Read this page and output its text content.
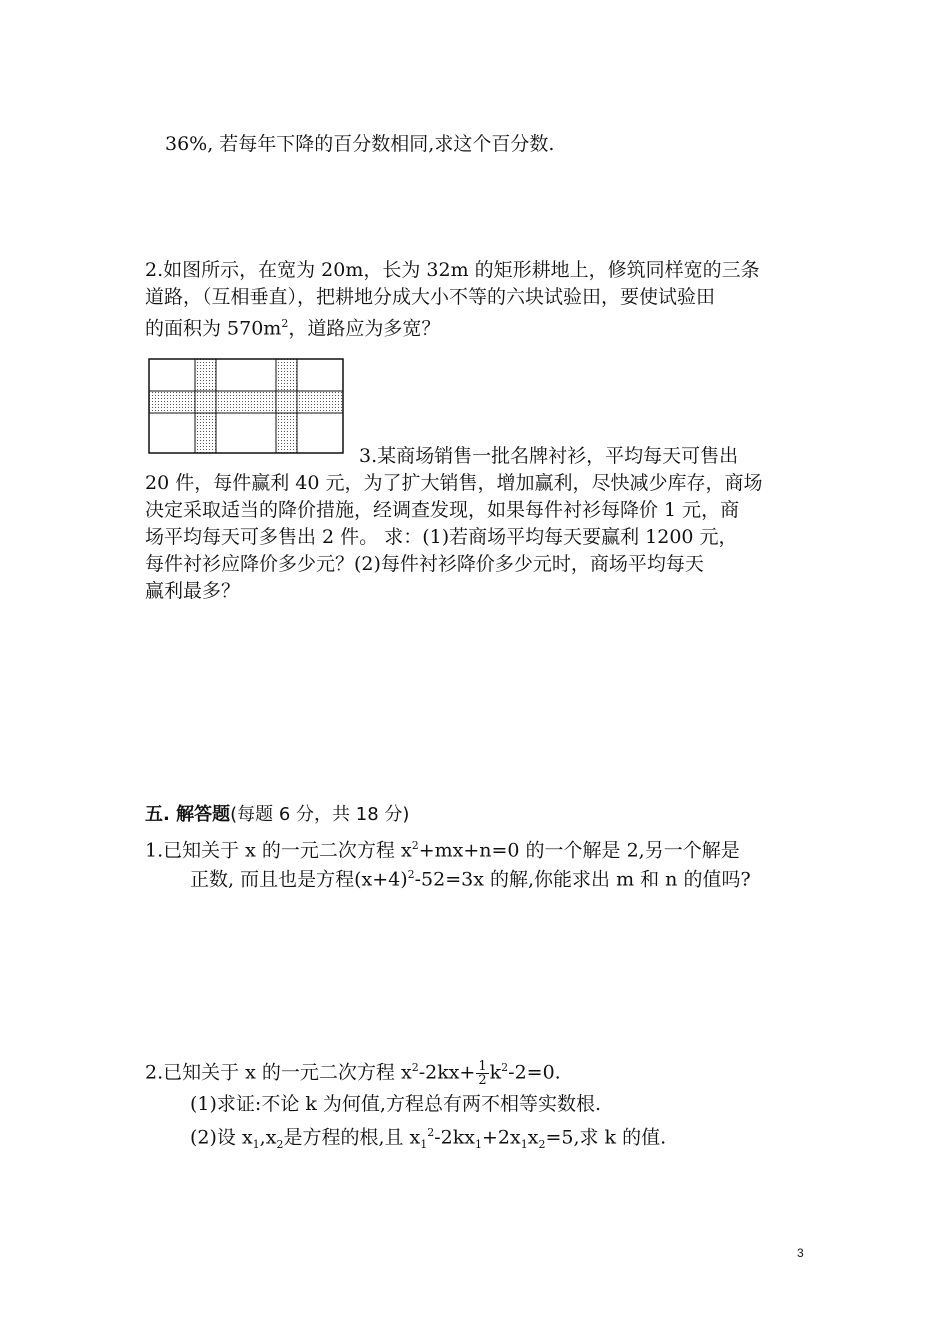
36%, 若每年下降的百分数相同,求这个百分数.
2.如图所示，在宽为 20m，长为 32m 的矩形耕地上，修筑同样宽的三条
道路，（互相垂直），把耕地分成大小不等的六块试验田，要使试验田
的面积为 $570m^2$，道路应为多宽？
3.某商场销售一批名牌衬衫，平均每天可售出
20 件，每件赢利 40 元，为了扩大销售，增加赢利，尽快减少库存，商场
决定采取适当的降价措施，经调查发现，如果每件衬衫每降价 1 元，商
场平均每天可多售出 2 件。 求：(1)若商场平均每天要赢利 1200 元，
每件衬衫应降价多少元？(2)每件衬衫降价多少元时，商场平均每天
赢利最多？
五. 解答题(每题 6 分，共 18 分)
1.已知关于 x 的一元二次方程 $x^2+mx+n=0$ 的一个解是 2,另一个解是
正数, 而且也是方程$(x+4)^2-52=3x$ 的解,你能求出 m 和 n 的值吗?
2.已知关于 x 的一元二次方程 $x^2-2kx+ \frac{1}{2} k^2-2=0$.
(1)求证:不论 k 为何值,方程总有两不相等实数根.
(2)设 $x_1,x_2$是方程的根,且 $x_1^2-2kx_1+2x_1x_2=5$,求 k 的值.
3
